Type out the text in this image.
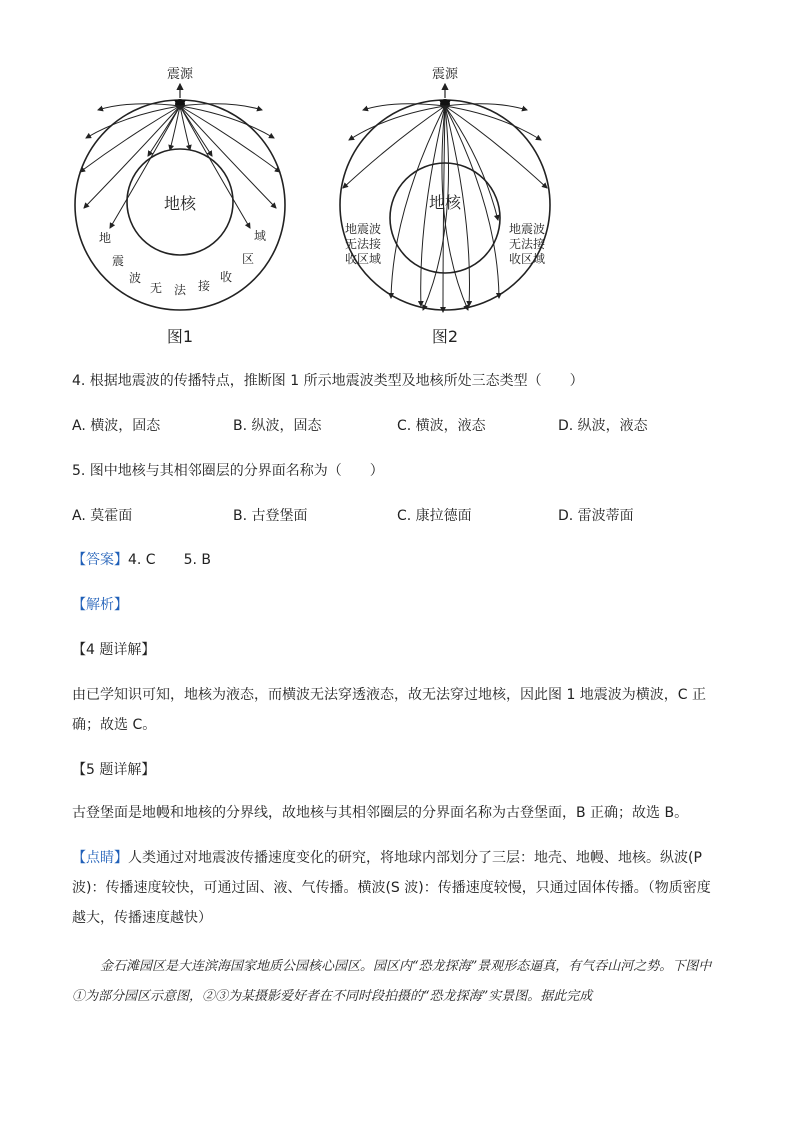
震源
地核
地
震
波
无 法 接
收
区
域
图1
震源
地核
地震波
无法接
收区域
地震波
无法接
收区域
图2
4. 根据地震波的传播特点，推断图 1 所示地震波类型及地核所处三态类型（　　）
A. 横波，固态	B. 纵波，固态	C. 横波，液态	D. 纵波，液态
5. 图中地核与其相邻圈层的分界面名称为（　　）
A. 莫霍面	B. 古登堡面	C. 康拉德面	D. 雷波蒂面
【答案】4. C　　5. B
【解析】
【4 题详解】
由已学知识可知，地核为液态，而横波无法穿透液态，故无法穿过地核，因此图 1 地震波为横波，C 正确；故选 C。
【5 题详解】
古登堡面是地幔和地核的分界线，故地核与其相邻圈层的分界面名称为古登堡面，B 正确；故选 B。
【点睛】人类通过对地震波传播速度变化的研究，将地球内部划分了三层：地壳、地幔、地核。纵波(P 波)：传播速度较快，可通过固、液、气传播。横波(S 波)：传播速度较慢，只通过固体传播。（物质密度越大，传播速度越快）
金石滩园区是大连滨海国家地质公园核心园区。园区内“恐龙探海”景观形态逼真，有气吞山河之势。下图中①为部分园区示意图，②③为某摄影爱好者在不同时段拍摄的“恐龙探海”实景图。据此完成
